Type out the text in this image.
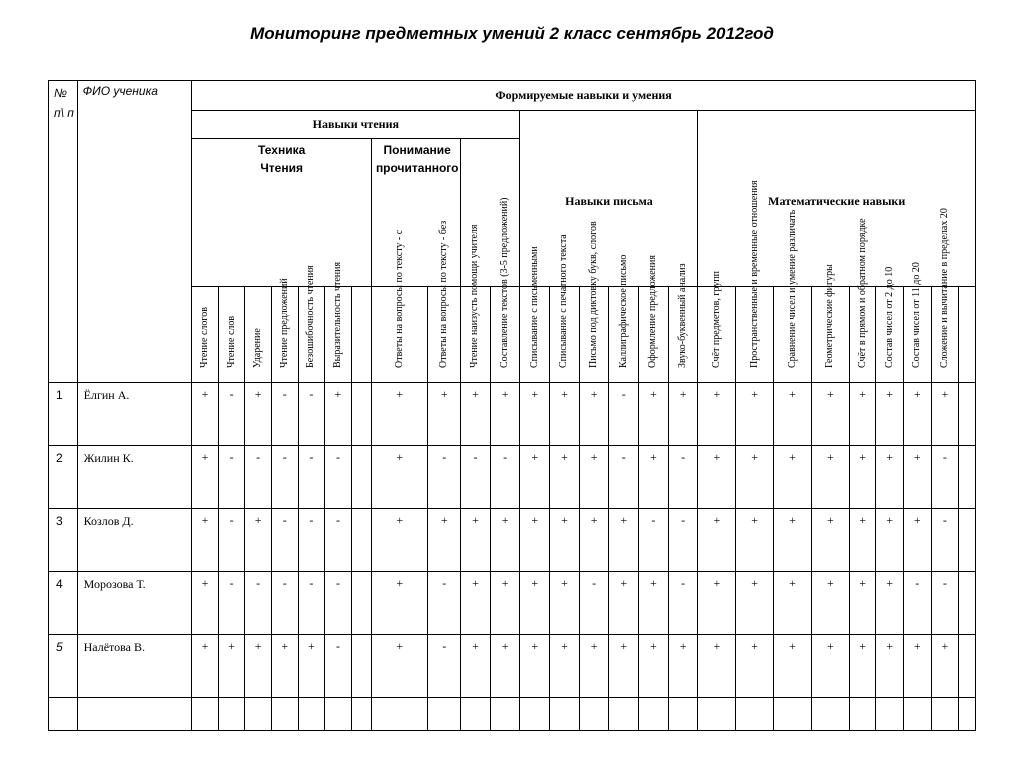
Мониторинг предметных умений 2 класс сентябрь 2012год
№ п\ п	ФИО ученика	Формируемые навыки и умения																									
		Навыки чтения											Навыки письма						Математические навыки								
		Техника Чтения							Понимание прочитанного																		

		Чтение слогов	Чтение слов	Ударение	Чтение предложений	Безошибочность чтения	Выразительность чтения		Ответы на вопросы по тексту - с	Ответы на вопросы по тексту - без	Чтение наизусть помощи учителя	Составление текстов (3-5 предложений)	Списывание с письменными	Списывание с печатного текста	Письмо под диктовку букв, слогов	Каллиграфическое письмо	Оформление предложения	Звуко-буквенный анализ	Счёт предметов, групп	Пространственные и временные отношения	Сравнение чисел и умение различать	Геометрические фигуры	Счёт в прямом и обратном порядке	Состав чисел от 2 до 10	Состав чисел от 11 до 20	Сложение и вычитание в пределах 20	

1	Ёлгин А.	+	-	+	-	-	+		+	+	+	+	+	+	+	-	+	+	+	+	+	+	+	+	+	+	
2	Жилин К.	+	-	-	-	-	-		+	-	-	-	+	+	+	-	+	-	+	+	+	+	+	+	+	-	
3	Козлов Д.	+	-	+	-	-	-		+	+	+	+	+	+	+	+	-	-	+	+	+	+	+	+	+	-	
4	Морозова Т.	+	-	-	-	-	-		+	-	+	+	+	+	-	+	+	-	+	+	+	+	+	+	-	-	
5	Налётова В.	+	+	+	+	+	-		+	-	+	+	+	+	+	+	+	+	+	+	+	+	+	+	+	+	
